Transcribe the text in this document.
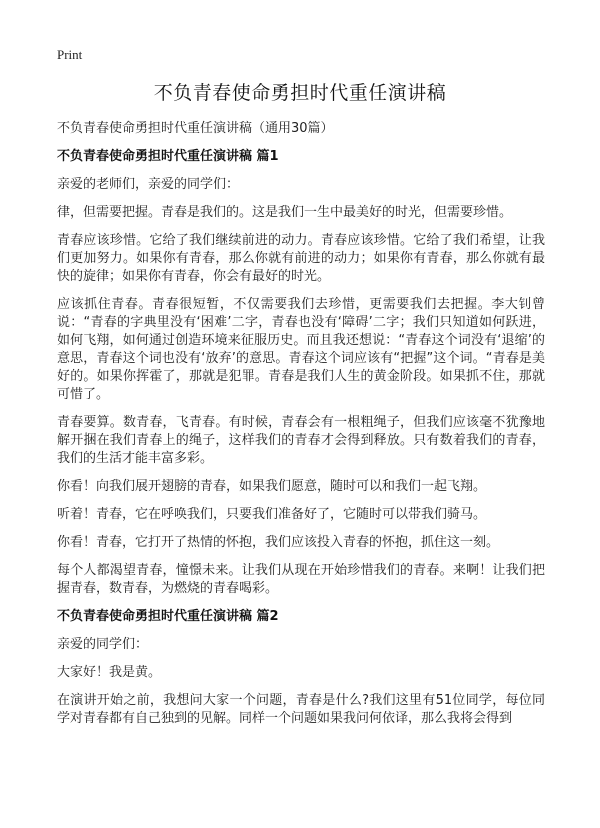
Print
不负青春使命勇担时代重任演讲稿

不负青春使命勇担时代重任演讲稿（通用30篇）

不负青春使命勇担时代重任演讲稿 篇1

亲爱的老师们，亲爱的同学们：

律，但需要把握。青春是我们的。这是我们一生中最美好的时光，但需要珍惜。

青春应该珍惜。它给了我们继续前进的动力。青春应该珍惜。它给了我们希望，让我们更加努力。如果你有青春，那么你就有前进的动力；如果你有青春，那么你就有最快的旋律；如果你有青春，你会有最好的时光。

应该抓住青春。青春很短暂，不仅需要我们去珍惜，更需要我们去把握。李大钊曾说：“青春的字典里没有‘困难’二字，青春也没有‘障碍’二字；我们只知道如何跃进，如何飞翔，如何通过创造环境来征服历史。而且我还想说：“青春这个词没有‘退缩’的意思，青春这个词也没有‘放弃’的意思。青春这个词应该有“把握”这个词。“青春是美好的。如果你挥霍了，那就是犯罪。青春是我们人生的黄金阶段。如果抓不住，那就可惜了。

青春要算。数青春，飞青春。有时候，青春会有一根粗绳子，但我们应该毫不犹豫地解开捆在我们青春上的绳子，这样我们的青春才会得到释放。只有数着我们的青春，我们的生活才能丰富多彩。

你看！向我们展开翅膀的青春，如果我们愿意，随时可以和我们一起飞翔。

听着！青春，它在呼唤我们，只要我们准备好了，它随时可以带我们骑马。

你看！青春，它打开了热情的怀抱，我们应该投入青春的怀抱，抓住这一刻。

每个人都渴望青春，憧憬未来。让我们从现在开始珍惜我们的青春。来啊！让我们把握青春，数青春，为燃烧的青春喝彩。

不负青春使命勇担时代重任演讲稿 篇2

亲爱的同学们：

大家好！我是黄。

在演讲开始之前，我想问大家一个问题，青春是什么?我们这里有51位同学，每位同学对青春都有自己独到的见解。同样一个问题如果我问何依译，那么我将会得到
